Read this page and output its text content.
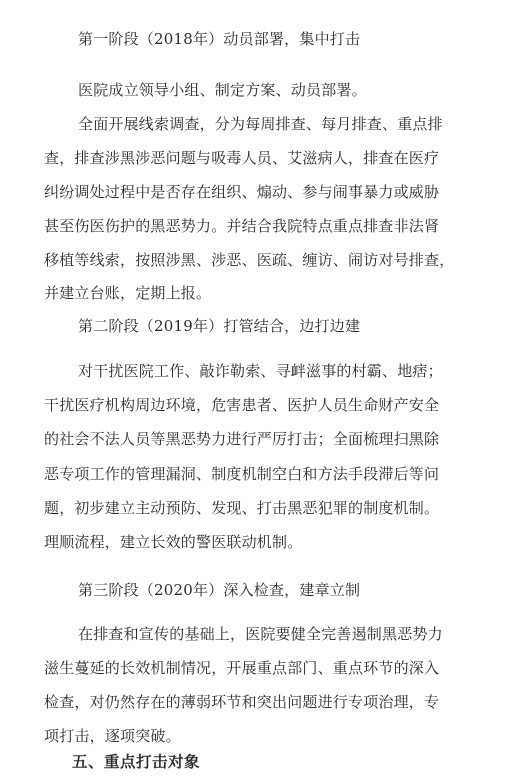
第一阶段（2018年）动员部署，集中打击
医院成立领导小组、制定方案、动员部署。
全面开展线索调查，分为每周排查、每月排查、重点排
查，排查涉黑涉恶问题与吸毒人员、艾滋病人，排查在医疗
纠纷调处过程中是否存在组织、煽动、参与闹事暴力或威胁
甚至伤医伤护的黑恶势力。并结合我院特点重点排查非法肾
移植等线索，按照涉黑、涉恶、医疏、缠访、闹访对号排查，
并建立台账，定期上报。
第二阶段（2019年）打管结合，边打边建
对干扰医院工作、敲诈勒索、寻衅滋事的村霸、地痞；
干扰医疗机构周边环境，危害患者、医护人员生命财产安全
的社会不法人员等黑恶势力进行严厉打击；全面梳理扫黑除
恶专项工作的管理漏洞、制度机制空白和方法手段滞后等问
题，初步建立主动预防、发现、打击黑恶犯罪的制度机制。
理顺流程，建立长效的警医联动机制。
第三阶段（2020年）深入检查，建章立制
在排查和宣传的基础上，医院要健全完善遏制黑恶势力
滋生蔓延的长效机制情况，开展重点部门、重点环节的深入
检查，对仍然存在的薄弱环节和突出问题进行专项治理，专
项打击，逐项突破。
五、重点打击对象
